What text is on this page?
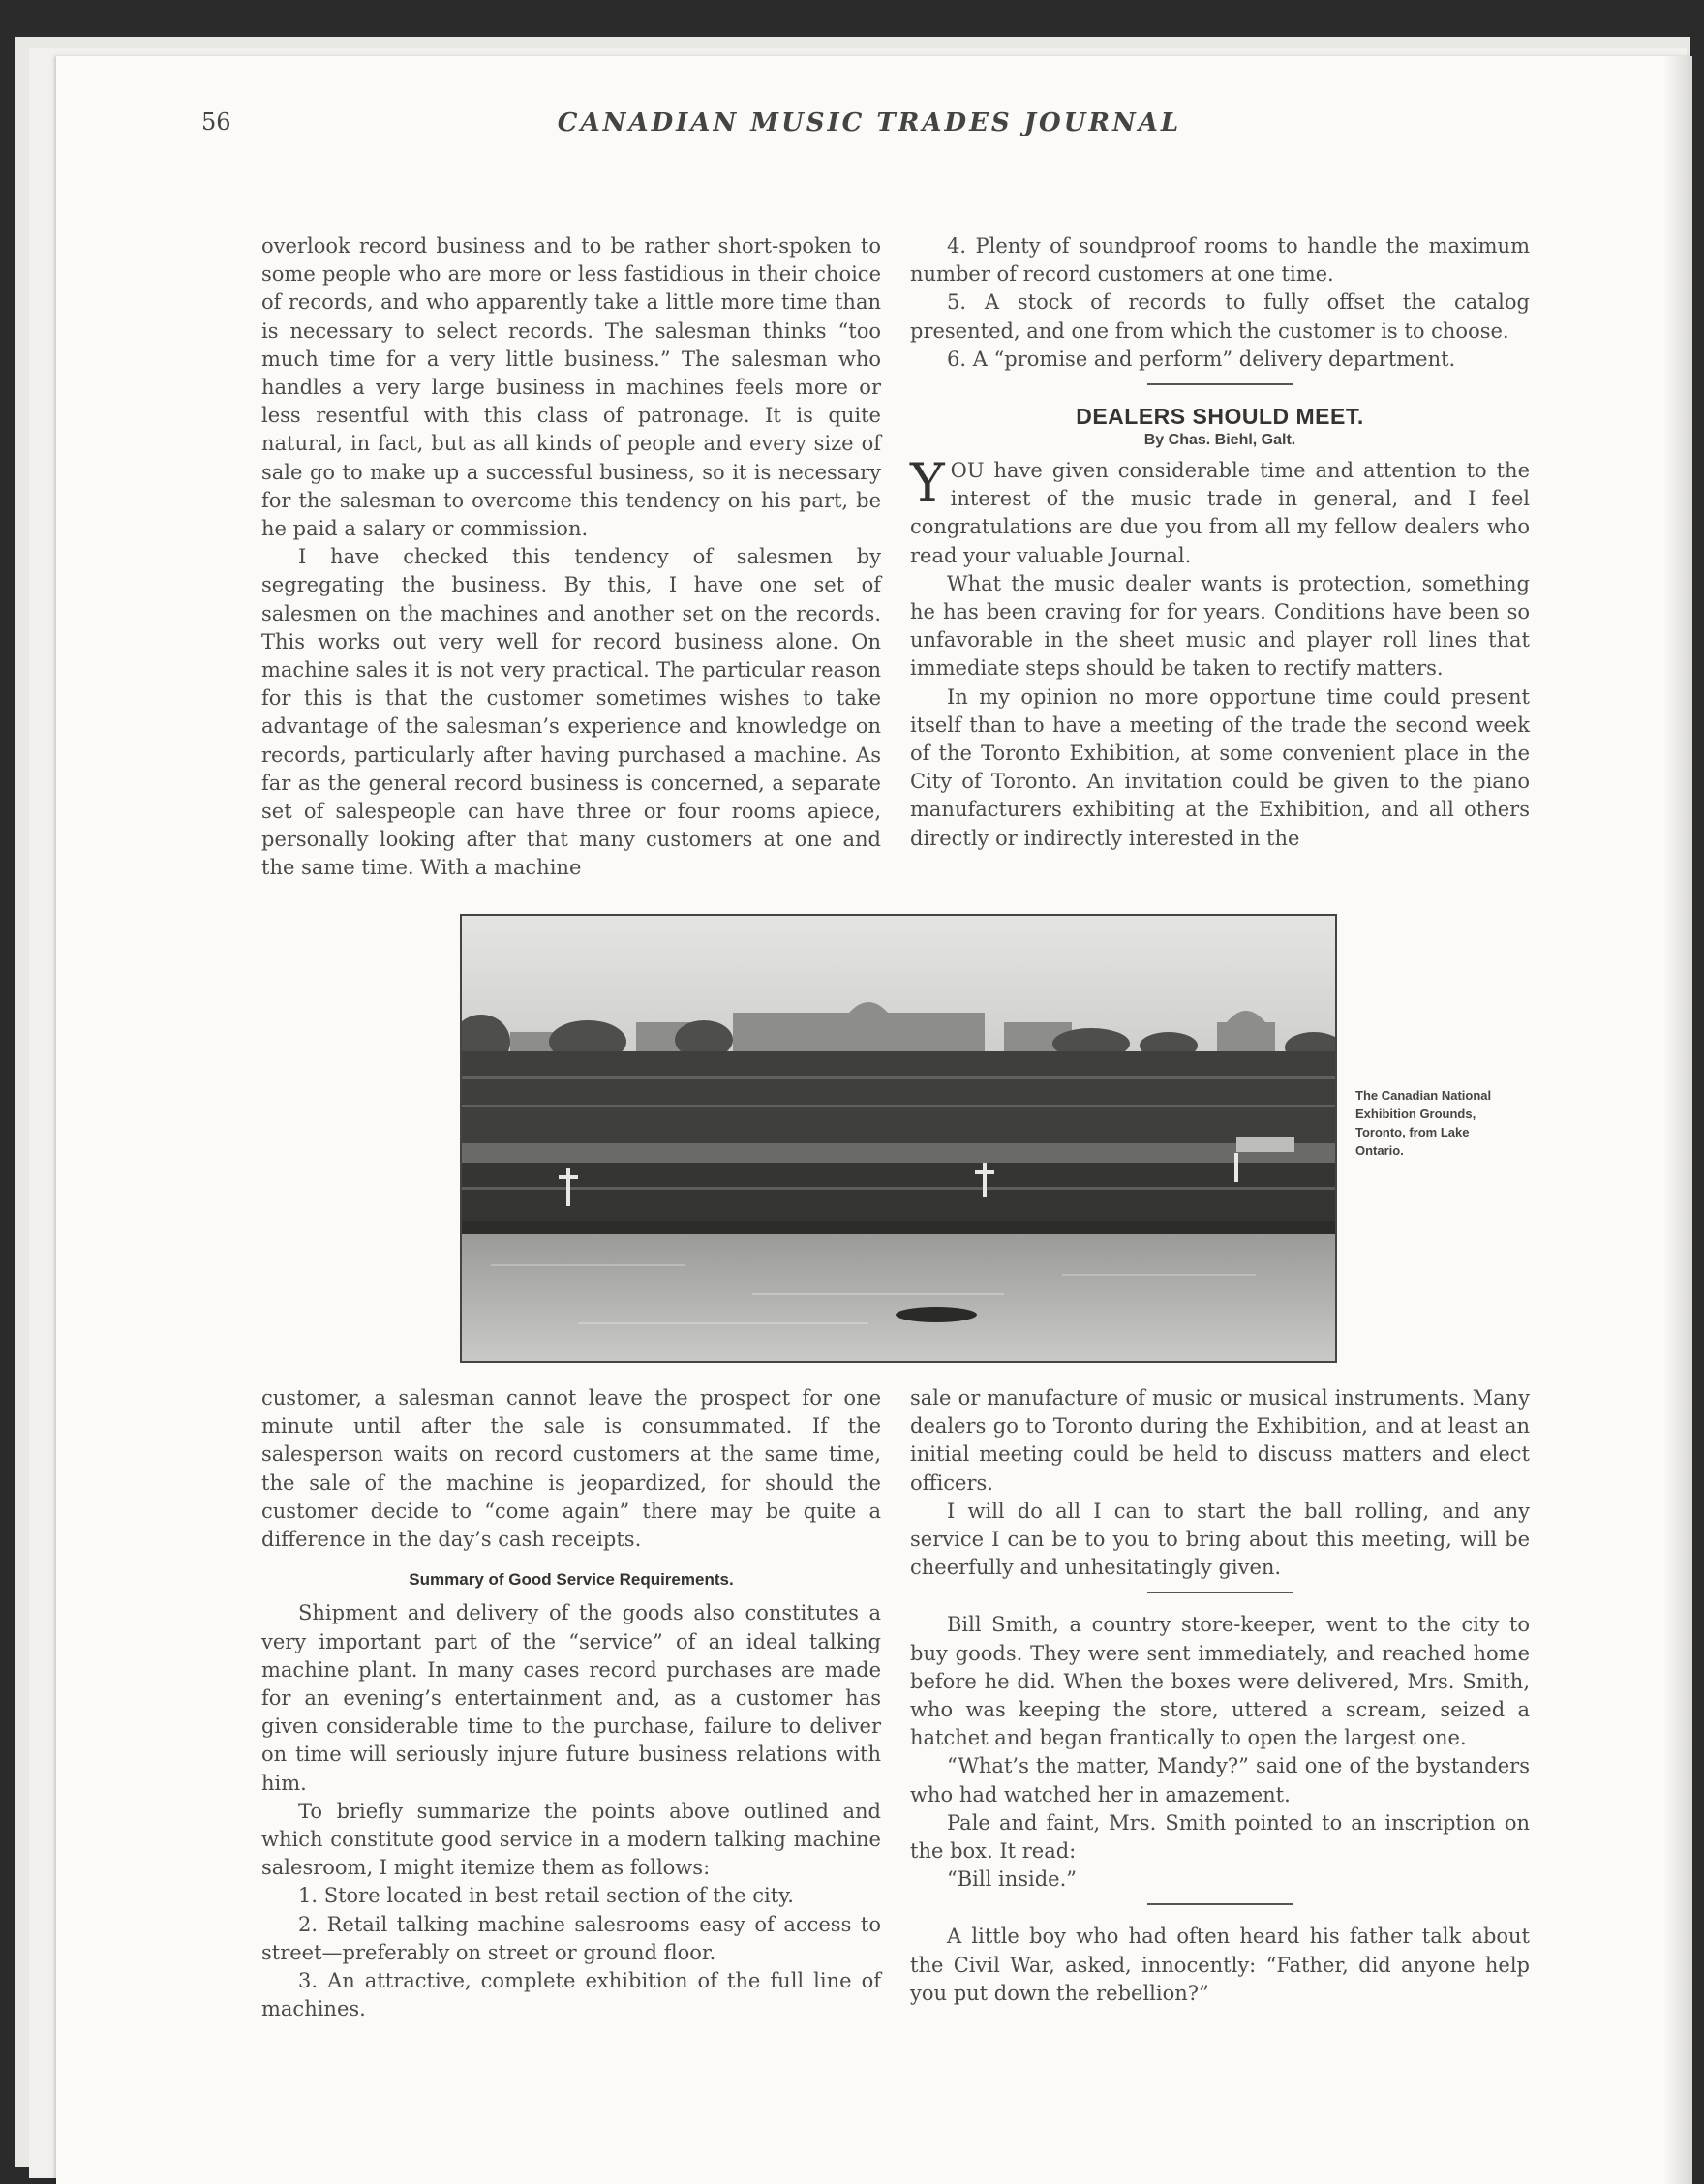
56	CANADIAN MUSIC TRADES JOURNAL

overlook record business and to be rather short-spoken to some people who are more or less fastidious in their choice of records, and who apparently take a little more time than is necessary to select records. The salesman thinks “too much time for a very little business.” The salesman who handles a very large business in machines feels more or less resentful with this class of patronage. It is quite natural, in fact, but as all kinds of people and every size of sale go to make up a successful business, so it is necessary for the salesman to overcome this tendency on his part, be he paid a salary or commission.

I have checked this tendency of salesmen by segregating the business. By this, I have one set of salesmen on the machines and another set on the records. This works out very well for record business alone. On machine sales it is not very practical. The particular reason for this is that the customer sometimes wishes to take advantage of the salesman’s experience and knowledge on records, particularly after having purchased a machine. As far as the general record business is concerned, a separate set of salespeople can have three or four rooms apiece, personally looking after that many customers at one and the same time. With a machine

4. Plenty of soundproof rooms to handle the maximum number of record customers at one time.

5. A stock of records to fully offset the catalog presented, and one from which the customer is to choose.

6. A “promise and perform” delivery department.

DEALERS SHOULD MEET.
By Chas. Biehl, Galt.

YOU have given considerable time and attention to the interest of the music trade in general, and I feel congratulations are due you from all my fellow dealers who read your valuable Journal.

What the music dealer wants is protection, something he has been craving for for years. Conditions have been so unfavorable in the sheet music and player roll lines that immediate steps should be taken to rectify matters.

In my opinion no more opportune time could present itself than to have a meeting of the trade the second week of the Toronto Exhibition, at some convenient place in the City of Toronto. An invitation could be given to the piano manufacturers exhibiting at the Exhibition, and all others directly or indirectly interested in the

The Canadian National Exhibition Grounds, Toronto, from Lake Ontario.

customer, a salesman cannot leave the prospect for one minute until after the sale is consummated. If the salesperson waits on record customers at the same time, the sale of the machine is jeopardized, for should the customer decide to “come again” there may be quite a difference in the day’s cash receipts.

Summary of Good Service Requirements.

Shipment and delivery of the goods also constitutes a very important part of the “service” of an ideal talking machine plant. In many cases record purchases are made for an evening’s entertainment and, as a customer has given considerable time to the purchase, failure to deliver on time will seriously injure future business relations with him.

To briefly summarize the points above outlined and which constitute good service in a modern talking machine salesroom, I might itemize them as follows:

1. Store located in best retail section of the city.

2. Retail talking machine salesrooms easy of access to street—preferably on street or ground floor.

3. An attractive, complete exhibition of the full line of machines.

sale or manufacture of music or musical instruments. Many dealers go to Toronto during the Exhibition, and at least an initial meeting could be held to discuss matters and elect officers.

I will do all I can to start the ball rolling, and any service I can be to you to bring about this meeting, will be cheerfully and unhesitatingly given.

Bill Smith, a country store-keeper, went to the city to buy goods. They were sent immediately, and reached home before he did. When the boxes were delivered, Mrs. Smith, who was keeping the store, uttered a scream, seized a hatchet and began frantically to open the largest one.

“What’s the matter, Mandy?” said one of the bystanders who had watched her in amazement.

Pale and faint, Mrs. Smith pointed to an inscription on the box. It read:

“Bill inside.”

A little boy who had often heard his father talk about the Civil War, asked, innocently: “Father, did anyone help you put down the rebellion?”
